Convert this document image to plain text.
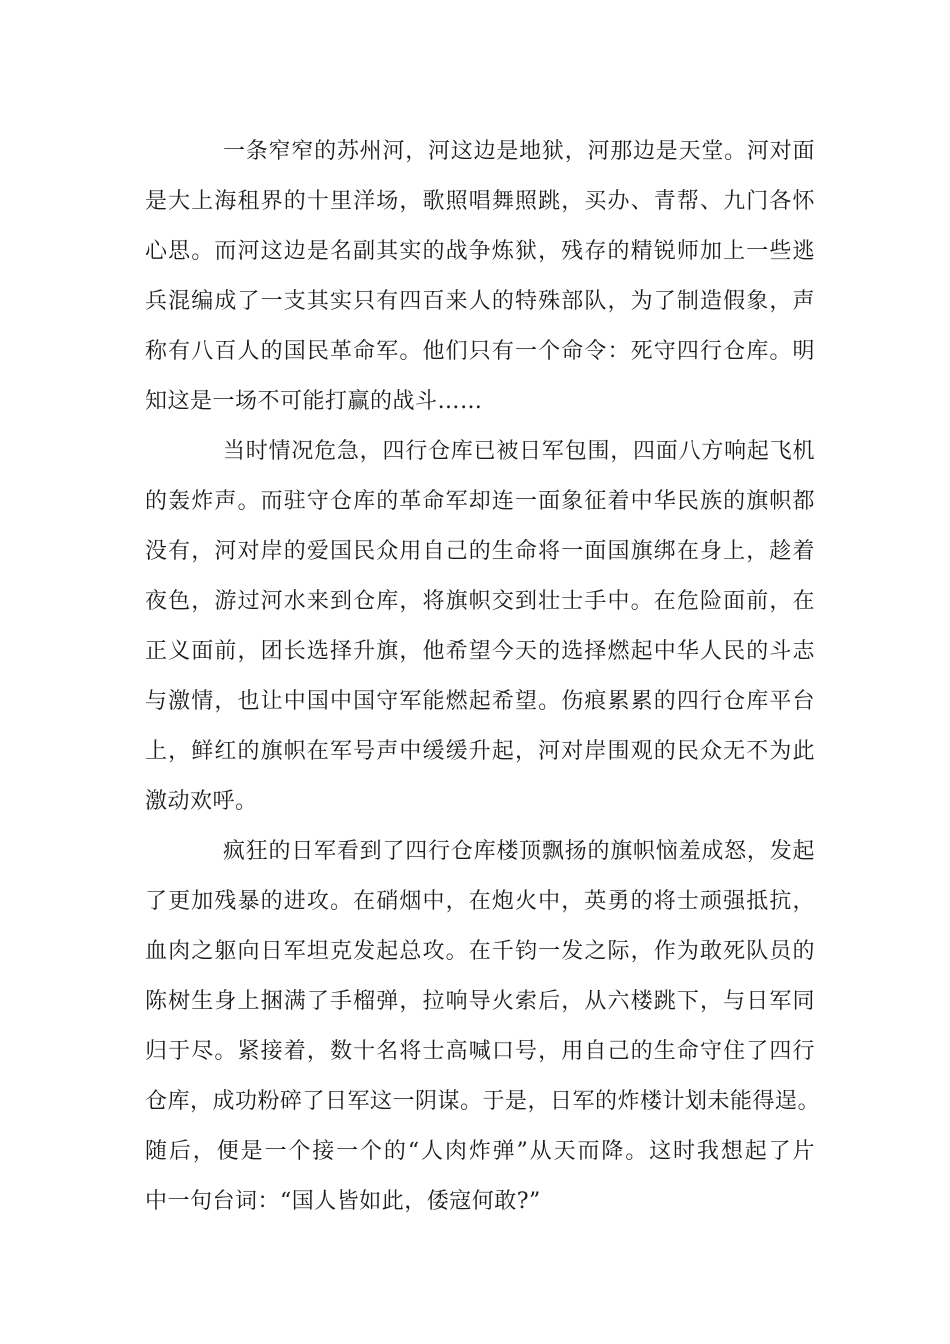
一条窄窄的苏州河，河这边是地狱，河那边是天堂。河对面
是大上海租界的十里洋场，歌照唱舞照跳，买办、青帮、九门各怀
心思。而河这边是名副其实的战争炼狱，残存的精锐师加上一些逃
兵混编成了一支其实只有四百来人的特殊部队，为了制造假象，声
称有八百人的国民革命军。他们只有一个命令：死守四行仓库。明
知这是一场不可能打赢的战斗……

当时情况危急，四行仓库已被日军包围，四面八方响起飞机
的轰炸声。而驻守仓库的革命军却连一面象征着中华民族的旗帜都
没有，河对岸的爱国民众用自己的生命将一面国旗绑在身上，趁着
夜色，游过河水来到仓库，将旗帜交到壮士手中。在危险面前，在
正义面前，团长选择升旗，他希望今天的选择燃起中华人民的斗志
与激情，也让中国中国守军能燃起希望。伤痕累累的四行仓库平台
上，鲜红的旗帜在军号声中缓缓升起，河对岸围观的民众无不为此
激动欢呼。

疯狂的日军看到了四行仓库楼顶飘扬的旗帜恼羞成怒，发起
了更加残暴的进攻。在硝烟中，在炮火中，英勇的将士顽强抵抗，
血肉之躯向日军坦克发起总攻。在千钧一发之际，作为敢死队员的
陈树生身上捆满了手榴弹，拉响导火索后，从六楼跳下，与日军同
归于尽。紧接着，数十名将士高喊口号，用自己的生命守住了四行
仓库，成功粉碎了日军这一阴谋。于是，日军的炸楼计划未能得逞。
随后，便是一个接一个的“人肉炸弹”从天而降。这时我想起了片
中一句台词：“国人皆如此，倭寇何敢?”
